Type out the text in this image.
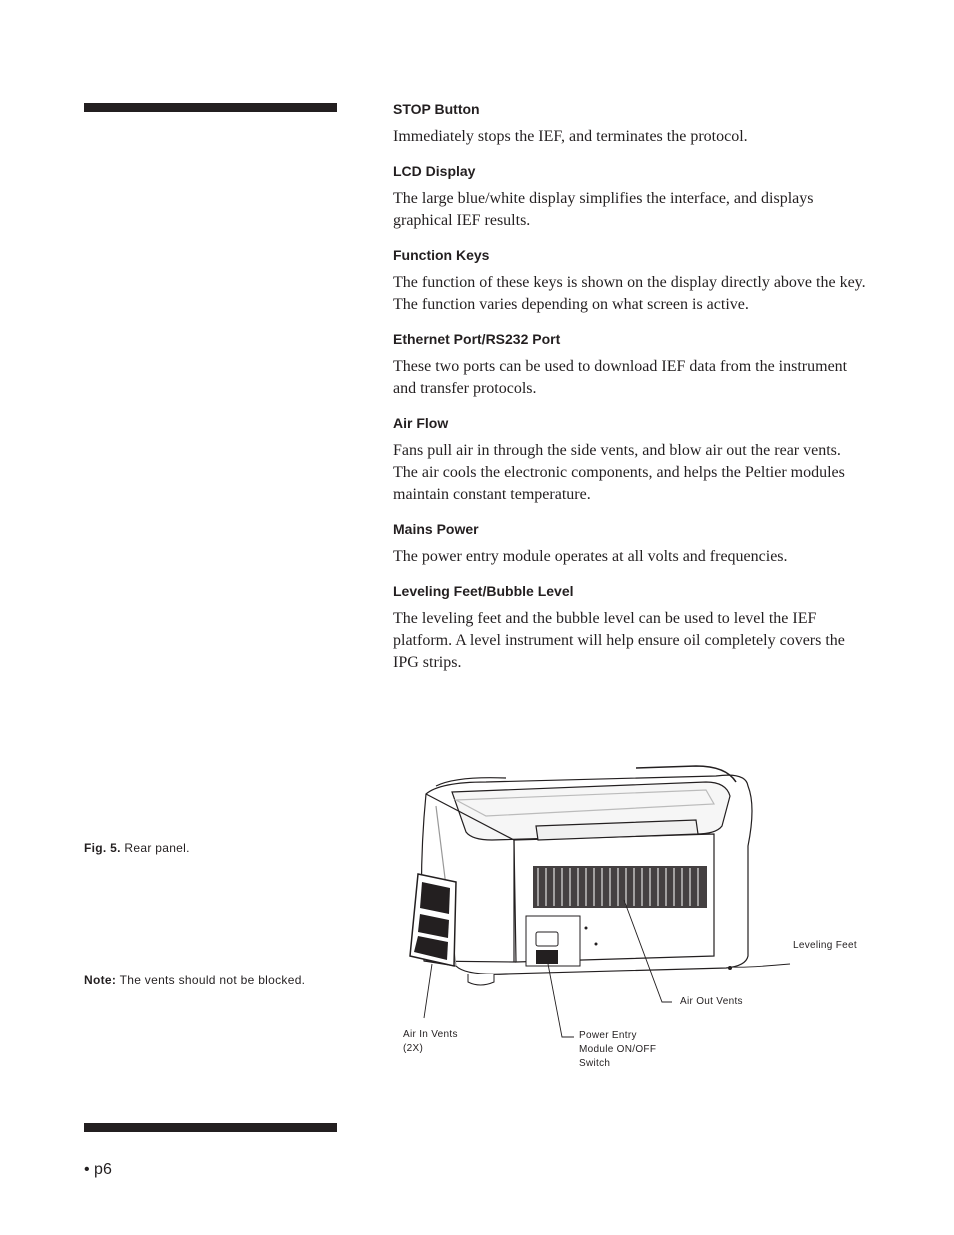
STOP Button

Immediately stops the IEF, and terminates the protocol.

LCD Display

The large blue/white display simplifies the interface, and displays graphical IEF results.

Function Keys

The function of these keys is shown on the display directly above the key. The function varies depending on what screen is active.

Ethernet Port/RS232 Port

These two ports can be used to download IEF data from the instrument and transfer protocols.

Air Flow

Fans pull air in through the side vents, and blow air out the rear vents. The air cools the electronic components, and helps the Peltier modules maintain constant temperature.

Mains Power

The power entry module operates at all volts and frequencies.

Leveling Feet/Bubble Level

The leveling feet and the bubble level can be used to level the IEF platform. A level instrument will help ensure oil completely covers the IPG strips.

Fig. 5. Rear panel.
Note: The vents should not be blocked.
Leveling Feet
Air Out Vents
Air In Vents
(2X)
Power Entry
Module ON/OFF
Switch
• p6
